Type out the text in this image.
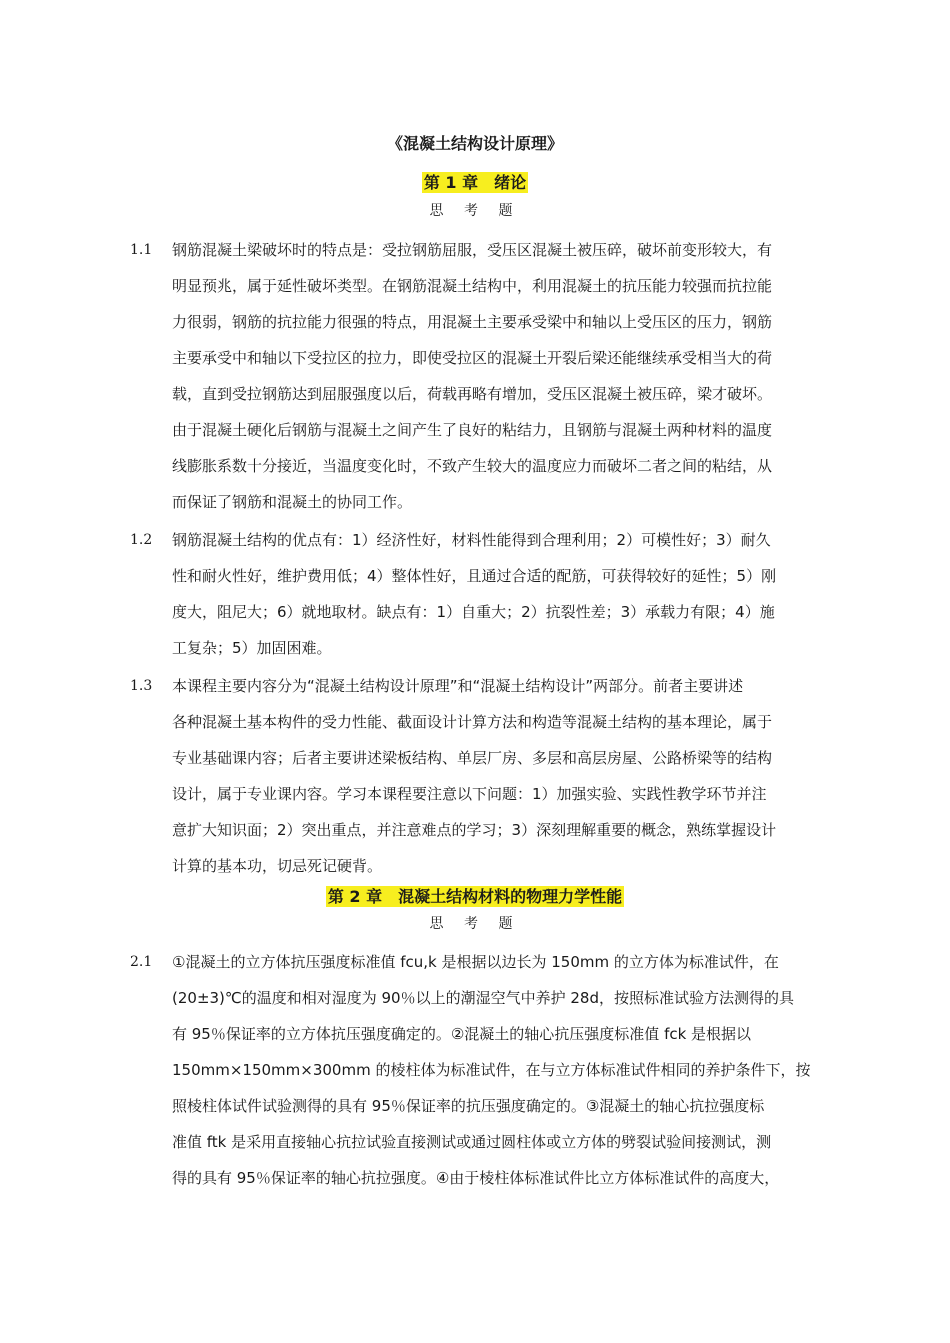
《混凝土结构设计原理》
第 1 章　绪论
思 考 题
1.1 钢筋混凝土梁破坏时的特点是：受拉钢筋屈服，受压区混凝土被压碎，破坏前变形较大，有
明显预兆，属于延性破坏类型。在钢筋混凝土结构中，利用混凝土的抗压能力较强而抗拉能
力很弱，钢筋的抗拉能力很强的特点，用混凝土主要承受梁中和轴以上受压区的压力，钢筋
主要承受中和轴以下受拉区的拉力，即使受拉区的混凝土开裂后梁还能继续承受相当大的荷
载，直到受拉钢筋达到屈服强度以后，荷载再略有增加，受压区混凝土被压碎，梁才破坏。
由于混凝土硬化后钢筋与混凝土之间产生了良好的粘结力，且钢筋与混凝土两种材料的温度
线膨胀系数十分接近，当温度变化时，不致产生较大的温度应力而破坏二者之间的粘结，从
而保证了钢筋和混凝土的协同工作。

1.2 钢筋混凝土结构的优点有：1）经济性好，材料性能得到合理利用；2）可模性好；3）耐久
性和耐火性好，维护费用低；4）整体性好，且通过合适的配筋，可获得较好的延性；5）刚
度大，阻尼大；6）就地取材。缺点有：1）自重大；2）抗裂性差；3）承载力有限；4）施
工复杂；5）加固困难。

1.3 本课程主要内容分为“混凝土结构设计原理”和“混凝土结构设计”两部分。前者主要讲述
各种混凝土基本构件的受力性能、截面设计计算方法和构造等混凝土结构的基本理论，属于
专业基础课内容；后者主要讲述梁板结构、单层厂房、多层和高层房屋、公路桥梁等的结构
设计，属于专业课内容。学习本课程要注意以下问题：1）加强实验、实践性教学环节并注
意扩大知识面；2）突出重点，并注意难点的学习；3）深刻理解重要的概念，熟练掌握设计
计算的基本功，切忌死记硬背。

第 2 章　混凝土结构材料的物理力学性能
思 考 题
2.1 ①混凝土的立方体抗压强度标准值 fcu,k 是根据以边长为 150mm 的立方体为标准试件，在
(20±3)℃的温度和相对湿度为 90％以上的潮湿空气中养护 28d，按照标准试验方法测得的具
有 95％保证率的立方体抗压强度确定的。②混凝土的轴心抗压强度标准值 fck 是根据以
150mm×150mm×300mm 的棱柱体为标准试件，在与立方体标准试件相同的养护条件下，按
照棱柱体试件试验测得的具有 95％保证率的抗压强度确定的。③混凝土的轴心抗拉强度标
准值 ftk 是采用直接轴心抗拉试验直接测试或通过圆柱体或立方体的劈裂试验间接测试，测
得的具有 95％保证率的轴心抗拉强度。④由于棱柱体标准试件比立方体标准试件的高度大，
